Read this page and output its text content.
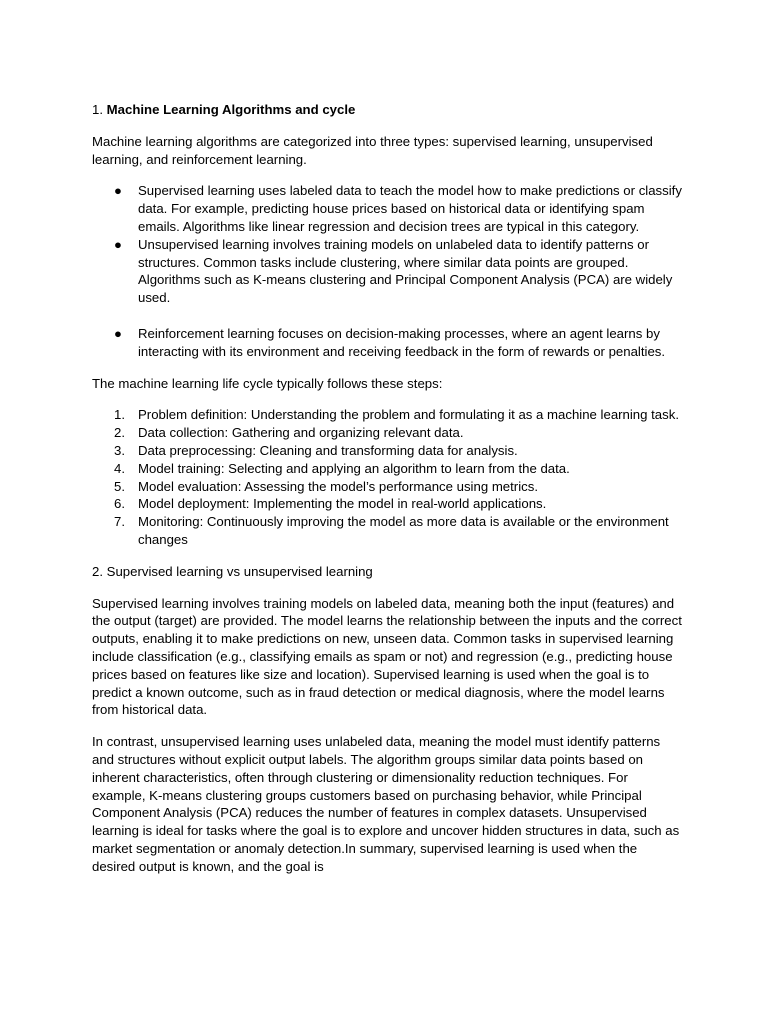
1. Machine Learning Algorithms and cycle

Machine learning algorithms are categorized into three types: supervised learning, unsupervised learning, and reinforcement learning.

● Supervised learning uses labeled data to teach the model how to make predictions or classify data. For example, predicting house prices based on historical data or identifying spam emails. Algorithms like linear regression and decision trees are typical in this category.
● Unsupervised learning involves training models on unlabeled data to identify patterns or structures. Common tasks include clustering, where similar data points are grouped. Algorithms such as K-means clustering and Principal Component Analysis (PCA) are widely used.
● Reinforcement learning focuses on decision-making processes, where an agent learns by interacting with its environment and receiving feedback in the form of rewards or penalties.

The machine learning life cycle typically follows these steps:

1. Problem definition: Understanding the problem and formulating it as a machine learning task.
2. Data collection: Gathering and organizing relevant data.
3. Data preprocessing: Cleaning and transforming data for analysis.
4. Model training: Selecting and applying an algorithm to learn from the data.
5. Model evaluation: Assessing the model’s performance using metrics.
6. Model deployment: Implementing the model in real-world applications.
7. Monitoring: Continuously improving the model as more data is available or the environment changes

2. Supervised learning vs unsupervised learning

Supervised learning involves training models on labeled data, meaning both the input (features) and the output (target) are provided. The model learns the relationship between the inputs and the correct outputs, enabling it to make predictions on new, unseen data. Common tasks in supervised learning include classification (e.g., classifying emails as spam or not) and regression (e.g., predicting house prices based on features like size and location). Supervised learning is used when the goal is to predict a known outcome, such as in fraud detection or medical diagnosis, where the model learns from historical data.

In contrast, unsupervised learning uses unlabeled data, meaning the model must identify patterns and structures without explicit output labels. The algorithm groups similar data points based on inherent characteristics, often through clustering or dimensionality reduction techniques. For example, K-means clustering groups customers based on purchasing behavior, while Principal Component Analysis (PCA) reduces the number of features in complex datasets. Unsupervised learning is ideal for tasks where the goal is to explore and uncover hidden structures in data, such as market segmentation or anomaly detection.In summary, supervised learning is used when the desired output is known, and the goal is
